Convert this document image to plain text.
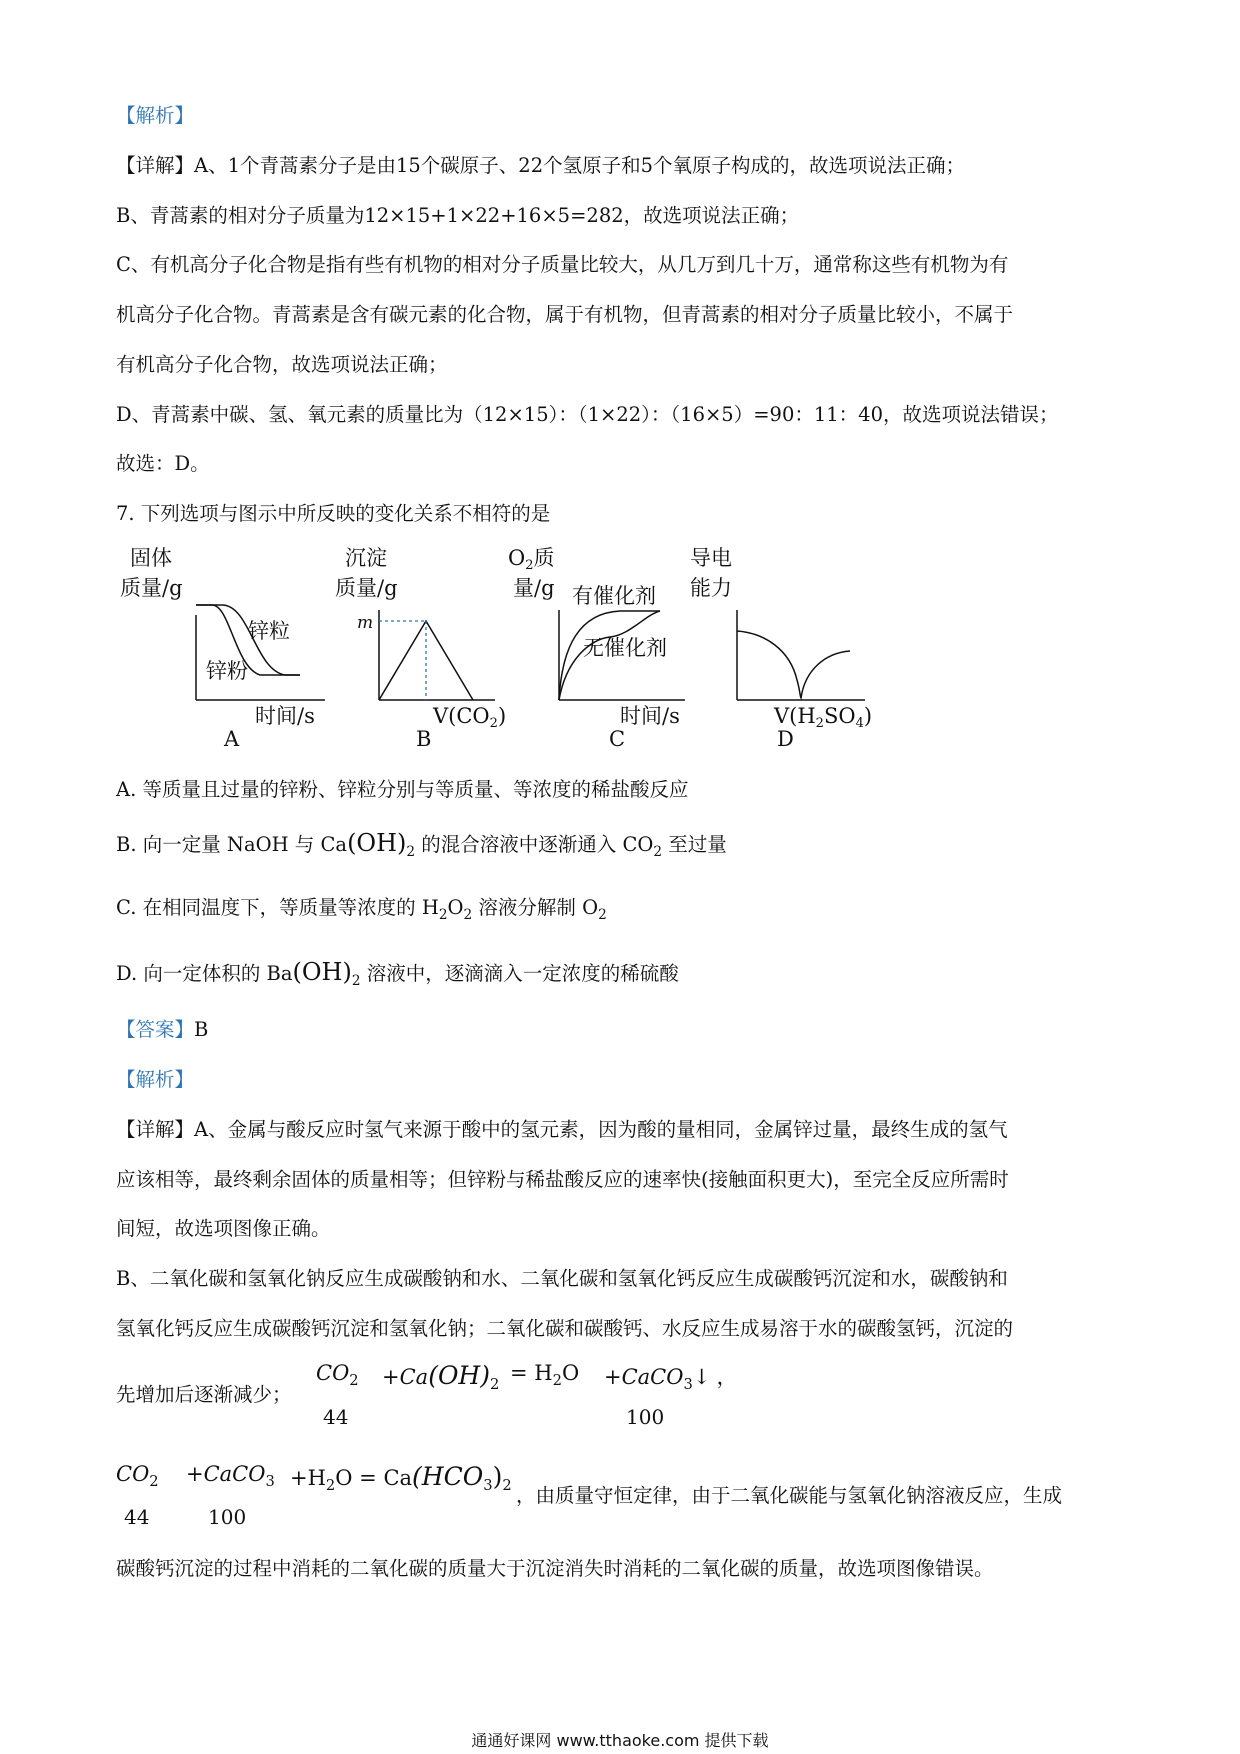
【解析】
【详解】A、1个青蒿素分子是由15个碳原子、22个氢原子和5个氧原子构成的，故选项说法正确；
B、青蒿素的相对分子质量为12×15+1×22+16×5=282，故选项说法正确；
C、有机高分子化合物是指有些有机物的相对分子质量比较大，从几万到几十万，通常称这些有机物为有
机高分子化合物。青蒿素是含有碳元素的化合物，属于有机物，但青蒿素的相对分子质量比较小，不属于
有机高分子化合物，故选项说法正确；
D、青蒿素中碳、氢、氧元素的质量比为（12×15）：（1×22）：（16×5）=90：11：40，故选项说法错误；
故选：D。
7. 下列选项与图示中所反映的变化关系不相符的是
固体
质量/g
锌粒
锌粉
时间/s
A
沉淀
质量/g
m
V(CO2)
B
O2质
量/g 有催化剂
无催化剂
时间/s
C
导电
能力
V(H2SO4)
D
A. 等质量且过量的锌粉、锌粒分别与等质量、等浓度的稀盐酸反应
B. 向一定量 NaOH 与 $Ca(OH)_2$ 的混合溶液中逐渐通入 $CO_2$ 至过量
C. 在相同温度下，等质量等浓度的 $H_2O_2$ 溶液分解制 $O_2$
D. 向一定体积的 $Ba(OH)_2$ 溶液中，逐滴滴入一定浓度的稀硫酸
【答案】B
【解析】
【详解】A、金属与酸反应时氢气来源于酸中的氢元素，因为酸的量相同，金属锌过量，最终生成的氢气
应该相等，最终剩余固体的质量相等；但锌粉与稀盐酸反应的速率快(接触面积更大)，至完全反应所需时
间短，故选项图像正确。
B、二氧化碳和氢氧化钠反应生成碳酸钠和水、二氧化碳和氢氧化钙反应生成碳酸钙沉淀和水，碳酸钠和
氢氧化钙反应生成碳酸钙沉淀和氢氧化钠；二氧化碳和碳酸钙、水反应生成易溶于水的碳酸氢钙，沉淀的
先增加后逐渐减少；
$CO_2 +Ca(OH)_2 = H_2O$ +CaCO$_3$↓ ，
44	100
$CO_2$ +CaCO$_3$ $+H_2O = Ca(HCO_3)_2$
44	100
，由质量守恒定律，由于二氧化碳能与氢氧化钠溶液反应，生成
碳酸钙沉淀的过程中消耗的二氧化碳的质量大于沉淀消失时消耗的二氧化碳的质量，故选项图像错误。
通通好课网 www.tthaoke.com 提供下载
